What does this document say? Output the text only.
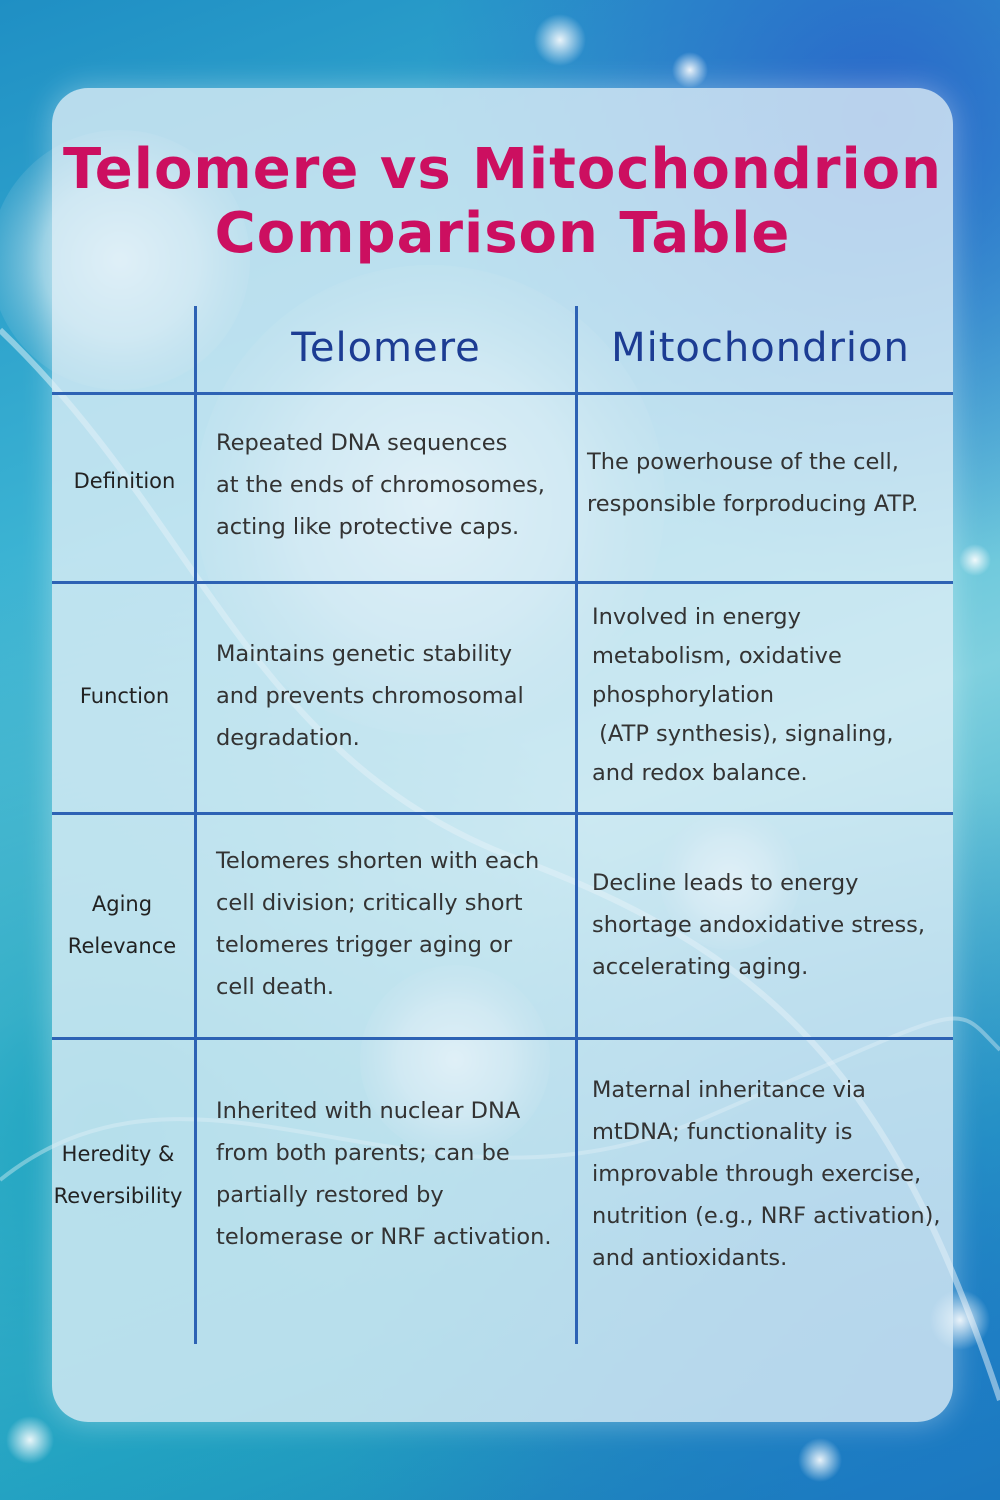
Telomere vs Mitochondrion
Comparison Table
Telomere	Mitochondrion
Definition
Repeated DNA sequences
at the ends of chromosomes,
acting like protective caps.
The powerhouse of the cell,
responsible forproducing ATP.
Function
Maintains genetic stability
and prevents chromosomal
degradation.
Involved in energy
metabolism, oxidative
phosphorylation
(ATP synthesis), signaling,
and redox balance.
Aging
Relevance
Telomeres shorten with each
cell division; critically short
telomeres trigger aging or
cell death.
Decline leads to energy
shortage andoxidative stress,
accelerating aging.
Heredity &
Reversibility
Inherited with nuclear DNA
from both parents; can be
partially restored by
telomerase or NRF activation.
Maternal inheritance via
mtDNA; functionality is
improvable through exercise,
nutrition (e.g., NRF activation),
and antioxidants.
